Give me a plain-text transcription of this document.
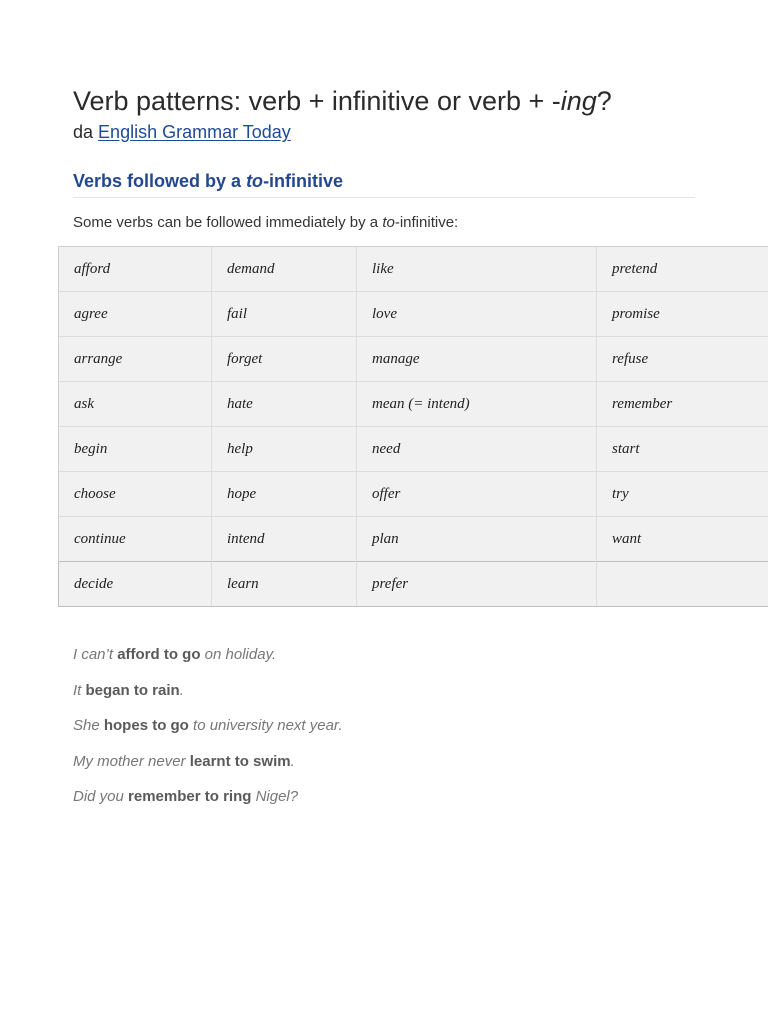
Verb patterns: verb + infinitive or verb + -ing?
da English Grammar Today
Verbs followed by a to-infinitive

Some verbs can be followed immediately by a to-infinitive:

afford	demand	like	pretend
agree	fail	love	promise
arrange	forget	manage	refuse
ask	hate	mean (= intend)	remember
begin	help	need	start
choose	hope	offer	try
continue	intend	plan	want
decide	learn	prefer	
I can’t afford to go on holiday.
It began to rain.
She hopes to go to university next year.
My mother never learnt to swim.
Did you remember to ring Nigel?
